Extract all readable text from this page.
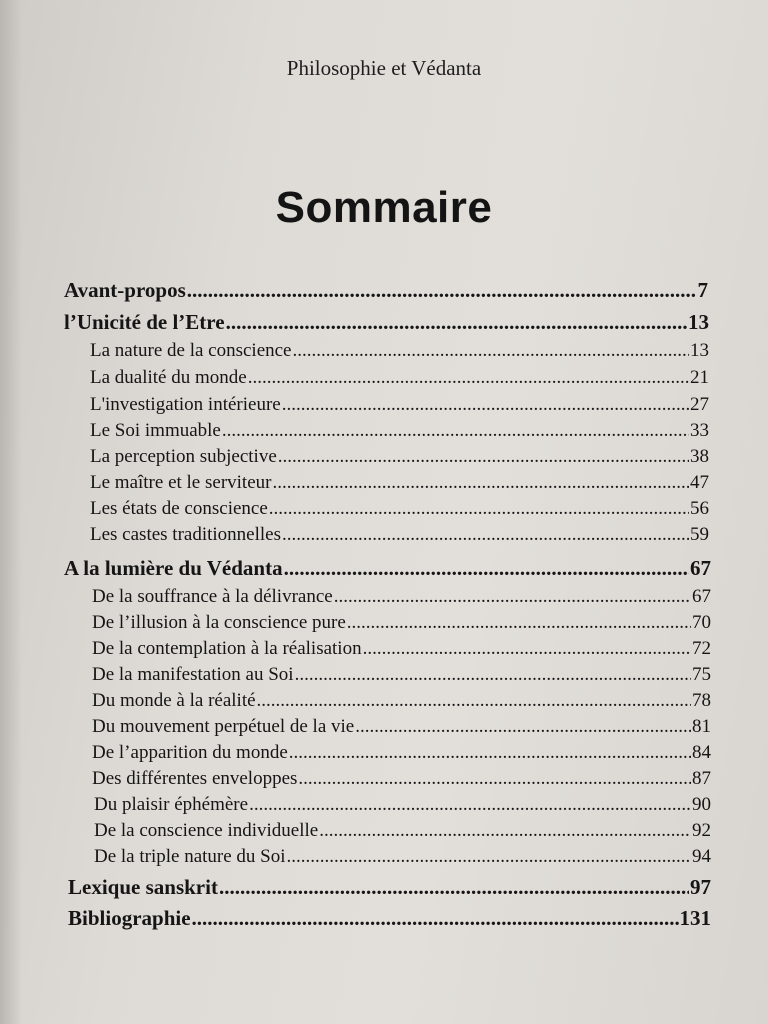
Philosophie et Védanta
Sommaire
Avant-propos .....	7
l’Unicité de l’Etre .....	13
La nature de la conscience .....	13
La dualité du monde .....	21
L'investigation intérieure .....	27
Le Soi immuable .....	33
La perception subjective .....	38
Le maître et le serviteur .....	47
Les états de conscience .....	56
Les castes traditionnelles .....	59
A la lumière du Védanta .....	67
De la souffrance à la délivrance .....	67
De l’illusion à la conscience pure .....	70
De la contemplation à la réalisation .....	72
De la manifestation au Soi .....	75
Du monde à la réalité .....	78
Du mouvement perpétuel de la vie .....	81
De l’apparition du monde .....	84
Des différentes enveloppes .....	87
Du plaisir éphémère .....	90
De la conscience individuelle .....	92
De la triple nature du Soi .....	94
Lexique sanskrit .....	97
Bibliographie .....	131
